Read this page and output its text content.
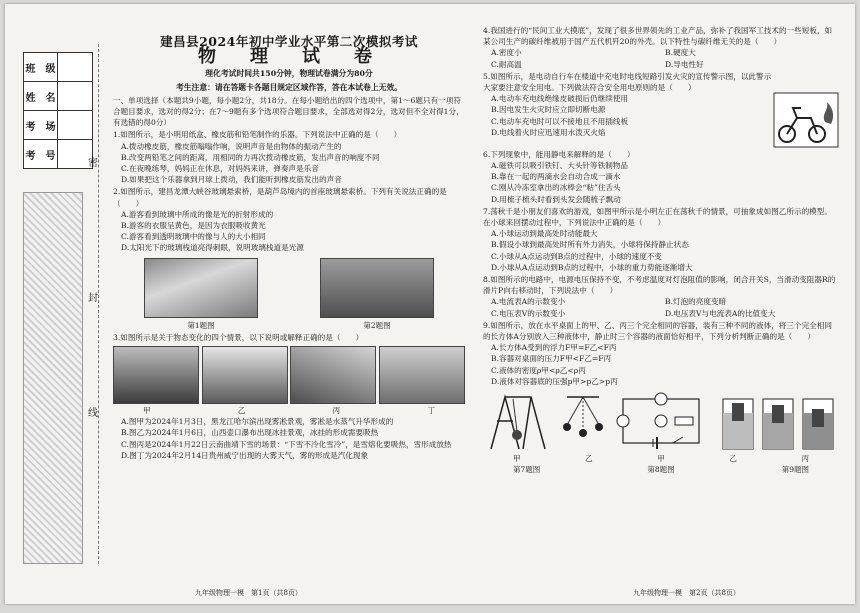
班　级	
姓　名	
考　场	
考　号	
密
封
线
建昌县2024年初中学业水平第二次模拟考试
物　理　试　卷
理化考试时间共150分钟，物理试卷满分为80分
考生注意：请在答题卡各题目规定区域作答，答在本试卷上无效。

一、单项选择（本题共9小题，每小题2分，共18分。在每小题给出的四个选项中，第1～6题只有一项符合题目要求，选对的得2分；在7～9题有多个选项符合题目要求，全部选对得2分，选对但不全对得1分，有选错的得0分）

1.如图所示，是小明用纸盒、橡皮筋和铅笔制作的乐器。下列说法中正确的是（　　）

A.拨动橡皮筋，橡皮筋嗡嗡作响，说明声音是由物体的振动产生的

B.改变两铅笔之间的距离，用相同的力再次拨动橡皮筋，发出声音的响度不同

C.在夜晚练琴，妈妈正在休息，对妈妈来讲，弹奏声是乐音

D.如果把这个乐器拿到月球上拨动，我们能听到橡皮筋发出的声音

2.如图所示，建昌龙潭大峡谷玻璃悬索桥，是葫芦岛境内的首座玻璃悬索桥。下列有关说法正确的是（　　）

A.游客看到玻璃中所成的像是光的折射形成的

B.游客的衣服呈黄色，是因为衣服吸收黄光

C.游客看到透明玻璃中的像与人的大小相同

D.太阳光下的玻璃栈道亮得刺眼，说明玻璃栈道是光源

第1题图	第2题图

3.如图所示是关于物态变化的四个情景，以下说明或解释正确的是（　　）

甲	乙	丙	丁

A.图甲为2024年1月3日，黑龙江哈尔滨出现雾凇景观，雾凇是水蒸气升华形成的

B.图乙为2024年1月6日，山西壶口瀑布出现冰挂景观，冰挂的形成需要吸热

C.图丙是2024年1月22日云南曲靖下雪的场景：“下雪不冷化雪冷”，是雪熔化要吸热，雪形成放热

D.图丁为2024年2月14日贵州威宁出现的大雾天气，雾的形成是汽化现象

4.我国进行的“民间工业大摸底”，发现了很多世界领先的工业产品，弥补了我国军工技术的一些短板，如某公司生产的碳纤维被用于国产五代机歼20的外壳。以下特性与碳纤维无关的是（　　）

A.密度小	B.硬度大
C.耐高温	D.导电性好

5.如图所示，是电动自行车在楼道中充电时电线短路引发火灾的宣传警示图，以此警示大家要注意安全用电。下列做法符合安全用电原则的是（　　）

A.电动车充电线绝缘皮破损后仍继续使用

B.因电发生火灾时应立即切断电源

C.电动车充电时可以不接地且不用插线板

D.电线着火时应迅速用水泼灭火焰

6.下列现象中，能用静电来解释的是（　　）

A.磁铁可以吸引铁钉、大头针等铁制物品

B.靠在一起的两滴水会自动合成一滴水

C.刚从冷冻室拿出的冰棒会“粘”住舌头

D.用梳子梳头时看到头发会随梳子飘动

7.荡秋千是小朋友们喜欢的游戏，如图甲所示是小明左正在荡秋千的情景，可抽象成如图乙所示的模型。在小球来回摆动过程中，下列说法中正确的是（　　）

A.小球运动到最高处时动能最大

B.假设小球到最高处时所有外力消失，小球将保持静止状态

C.小球从A点运动到B点的过程中，小球的速度不变

D.小球从A点运动到B点的过程中，小球的重力势能逐渐增大

8.如图所示的电路中，电源电压保持不变，不考虑温度对灯泡阻值的影响，闭合开关S，当滑动变阻器R的滑片P向右移动时，下列说法中（　　）

A.电流表A的示数变小	B.灯泡的亮度变暗
C.电压表V的示数变小	D.电压表V与电流表A的比值变大

9.如图所示，放在水平桌面上的甲、乙、丙三个完全相同的容器，装有三种不同的液体，将三个完全相同的长方体A分别放入三种液体中，静止时三个容器的液面恰好相平，下列分析判断正确的是（　　）

A.长方体A受到的浮力F甲=F乙<F丙

B.容器对桌面的压力F甲<F乙=F丙

C.液体的密度ρ甲<ρ乙<ρ丙

D.液体对容器底的压强p甲>p乙>p丙

甲	乙	甲	乙	丙
第7题图	第8题图	第9题图
九年级物理一模　第1页（共8页）	九年级物理一模　第2页（共8页）
